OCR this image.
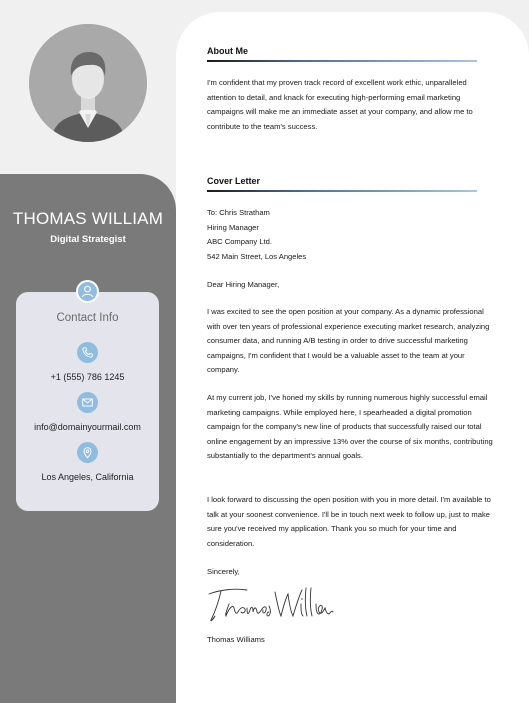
THOMAS WILLIAM
Digital Strategist
Contact Info
+1 (555) 786 1245
info@domainyourmail.com
Los Angeles, California
About Me
I'm confident that my proven track record of excellent work ethic, unparalleled attention to detail, and knack for executing high-performing email marketing campaigns will make me an immediate asset at your company, and allow me to contribute to the team's success.
Cover Letter
To: Chris Stratham
Hiring Manager
ABC Company Ltd.
542 Main Street, Los Angeles
Dear Hiring Manager,
I was excited to see the open position at your company. As a dynamic professional with over ten years of professional experience executing market research, analyzing consumer data, and running A/B testing in order to drive successful marketing campaigns, I'm confident that I would be a valuable asset to the team at your company.
At my current job, I've honed my skills by running numerous highly successful email marketing campaigns. While employed here, I spearheaded a digital promotion campaign for the company's new line of products that successfully raised our total online engagement by an impressive 13% over the course of six months, contributing substantially to the department's annual goals.
I look forward to discussing the open position with you in more detail. I'm available to talk at your soonest convenience. I'll be in touch next week to follow up, just to make sure you've received my application. Thank you so much for your time and consideration.
Sincerely,
Thomas Williams
